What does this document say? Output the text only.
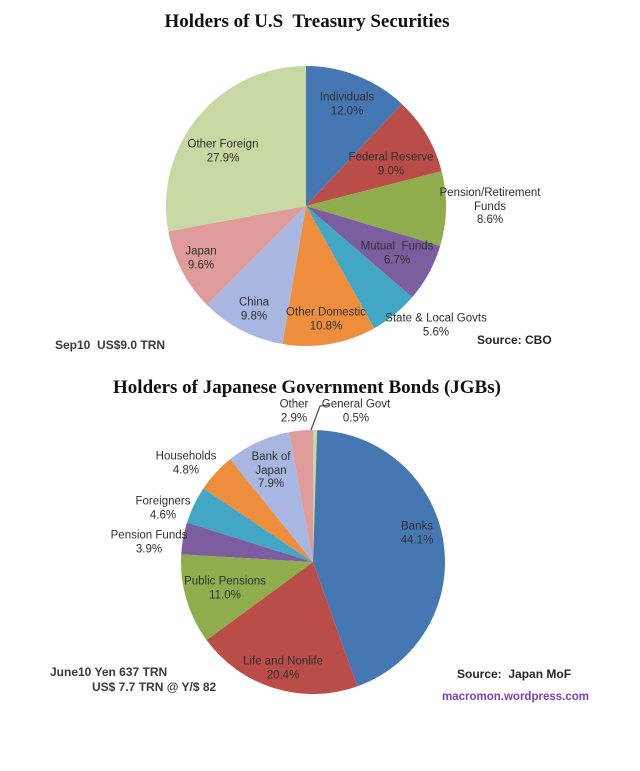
Holders of U.S  Treasury Securities
Holders of Japanese Government Bonds (JGBs)
Individuals
12.0%
Federal Reserve
9.0%
Pension/Retirement
Funds
8.6%
Mutual  Funds
6.7%
State & Local Govts
5.6%
Other Domestic
10.8%
China
9.8%
Japan
9.6%
Other Foreign
27.9%
General Govt
0.5%
Banks
44.1%
Life and Nonlife
20.4%
Public Pensions
11.0%
Pension Funds
3.9%
Foreigners
4.6%
Households
4.8%
Bank of
Japan
7.9%
Other
2.9%
Sep10  US$9.0 TRN	Source: CBO
June10 Yen 637 TRN
US$ 7.7 TRN @ Y/$ 82
Source:  Japan MoF
macromon.wordpress.com
